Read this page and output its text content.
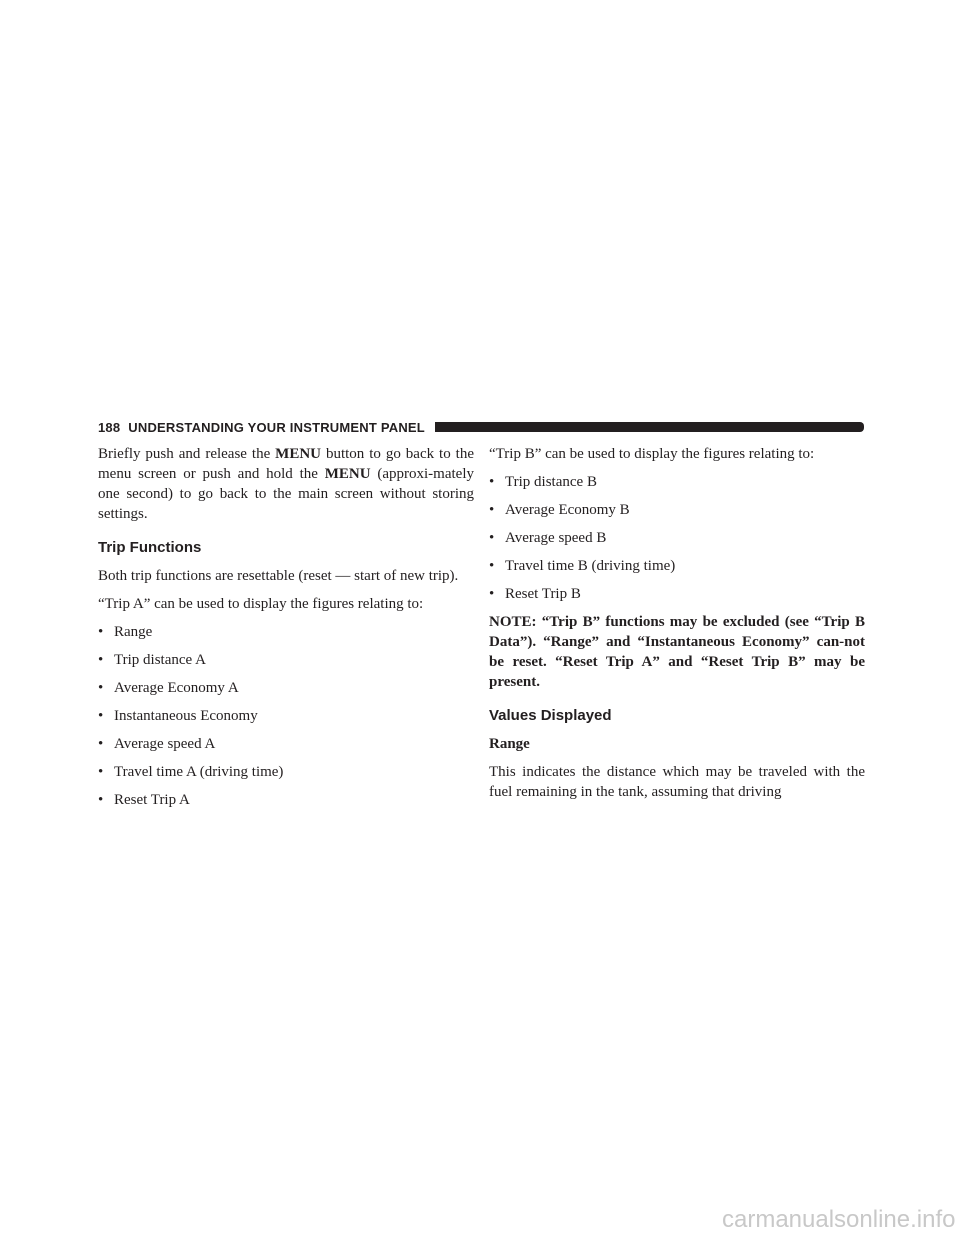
188 UNDERSTANDING YOUR INSTRUMENT PANEL

Briefly push and release the MENU button to go back to the menu screen or push and hold the MENU (approxi-mately one second) to go back to the main screen without storing settings.

Trip Functions

Both trip functions are resettable (reset — start of new trip).

“Trip A” can be used to display the figures relating to:

• Range
• Trip distance A
• Average Economy A
• Instantaneous Economy
• Average speed A
• Travel time A (driving time)
• Reset Trip A

“Trip B” can be used to display the figures relating to:

• Trip distance B
• Average Economy B
• Average speed B
• Travel time B (driving time)
• Reset Trip B

NOTE: “Trip B” functions may be excluded (see “Trip B Data”). “Range” and “Instantaneous Economy” can-not be reset. “Reset Trip A” and “Reset Trip B” may be present.

Values Displayed
Range

This indicates the distance which may be traveled with the fuel remaining in the tank, assuming that driving

carmanualsonline.info
